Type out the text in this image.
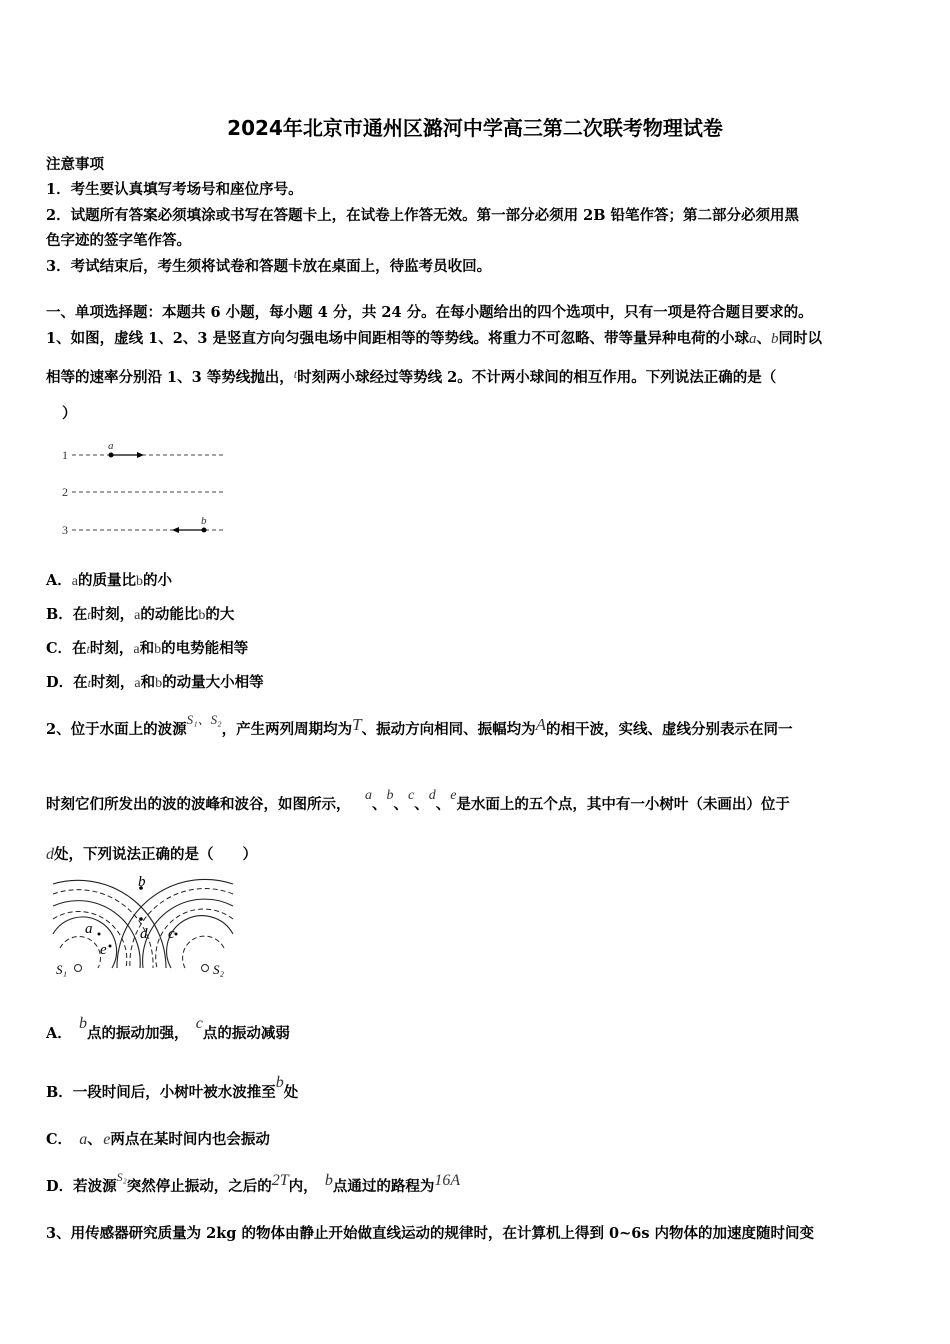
2024年北京市通州区潞河中学高三第二次联考物理试卷
注意事项
1．考生要认真填写考场号和座位序号。
2．试题所有答案必须填涂或书写在答题卡上，在试卷上作答无效。第一部分必须用 2B 铅笔作答；第二部分必须用黑
色字迹的签字笔作答。
3．考试结束后，考生须将试卷和答题卡放在桌面上，待监考员收回。
一、单项选择题：本题共 6 小题，每小题 4 分，共 24 分。在每小题给出的四个选项中，只有一项是符合题目要求的。
1、如图，虚线 1、2、3 是竖直方向匀强电场中间距相等的等势线。将重力不可忽略、带等量异种电荷的小球a、b同时以
相等的速率分别沿 1、3 等势线抛出，$^t$时刻两小球经过等势线 2。不计两小球间的相互作用。下列说法正确的是（
）
1
a
2
3
b
A．a的质量比b的小
B．在t时刻，a的动能比b的大
C．在t时刻，a和b的电势能相等
D．在t时刻，a和b的动量大小相等
2、位于水面上的波源S₁、S₂，产生两列周期均为T、振动方向相同、振幅均为A的相干波，实线、虚线分别表示在同一
时刻它们所发出的波的波峰和波谷，如图所示， a、b、c、d、e是水面上的五个点，其中有一小树叶（未画出）位于
d处，下列说法正确的是（　　）
b
a	d c
e
S₁	S₂
A． b点的振动加强， c点的振动减弱
B．一段时间后，小树叶被水波推至b处
C．  a、 e两点在某时间内也会振动
D．若波源$^{S_2}$突然停止振动，之后的2T内，  b点通过的路程为16A
3、用传感器研究质量为 2kg 的物体由静止开始做直线运动的规律时，在计算机上得到 0~6s 内物体的加速度随时间变
